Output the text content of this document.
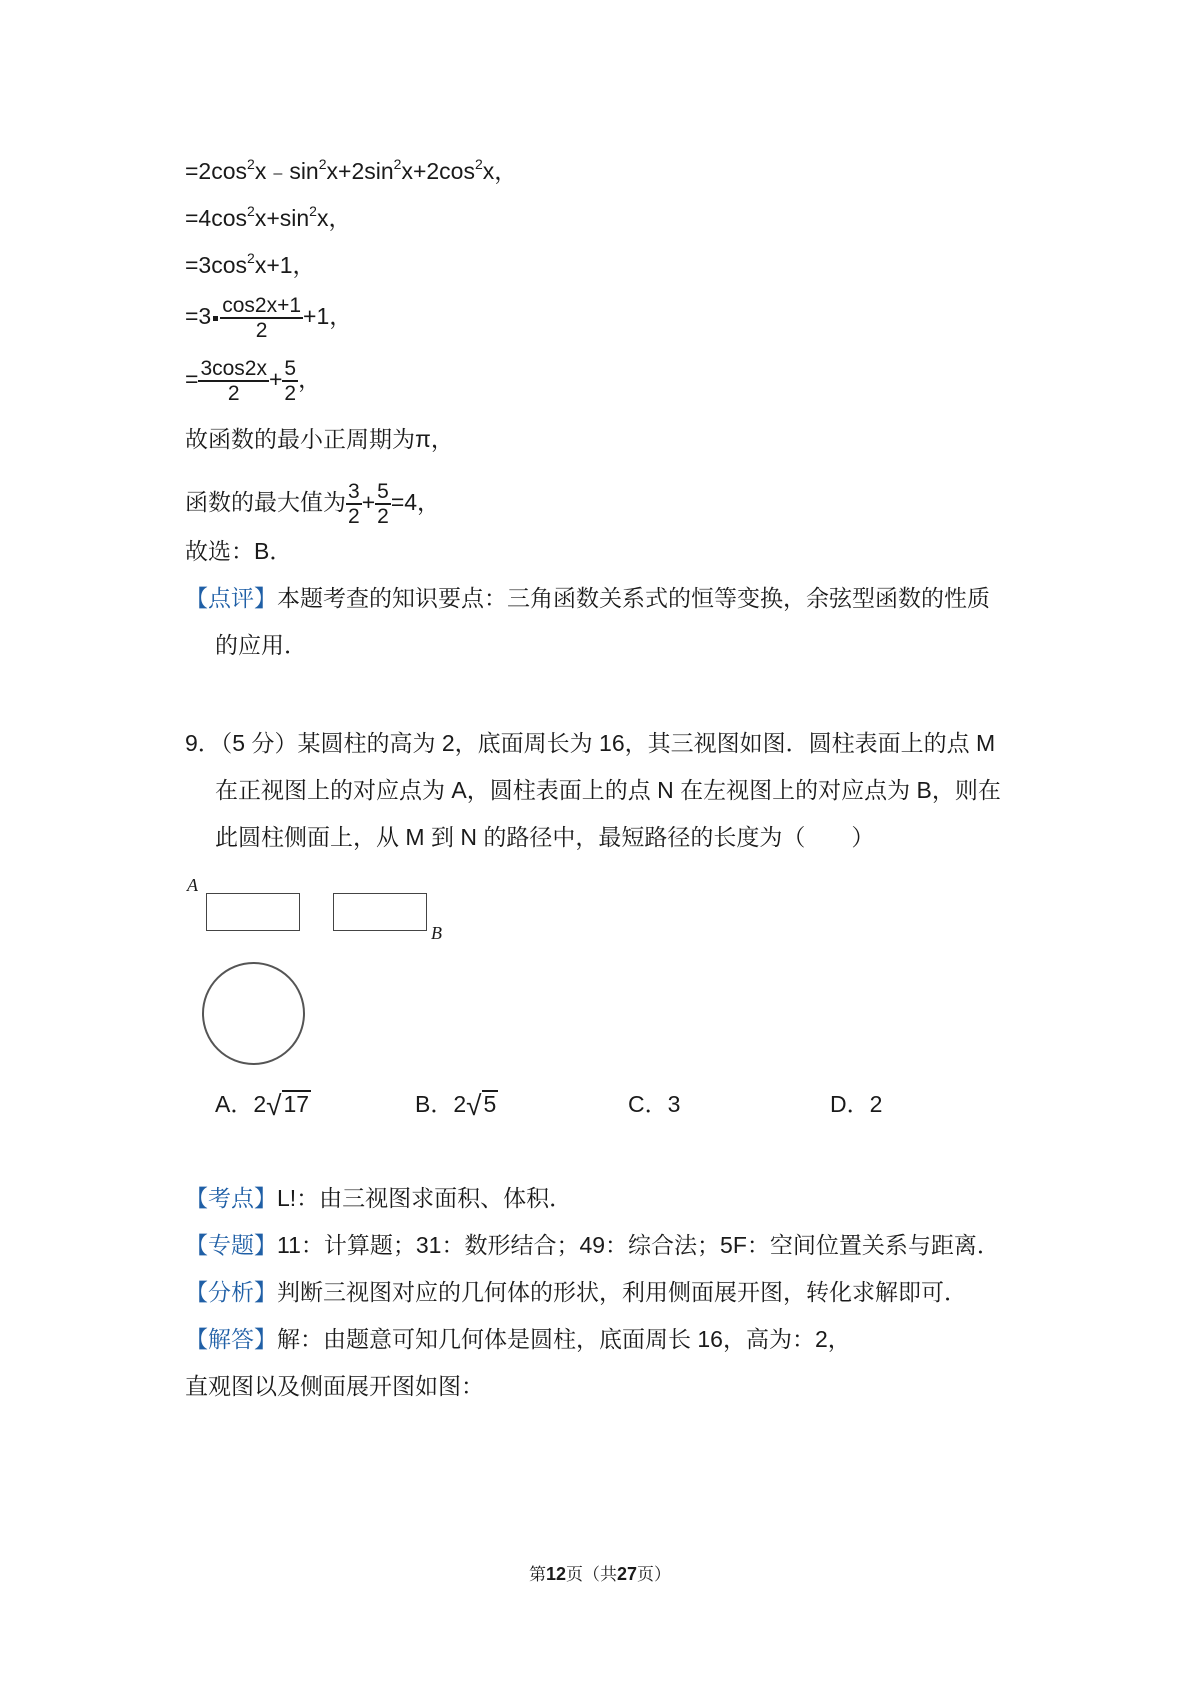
$=2\cos^2x﹣\sin^2x+2\sin^2x+2\cos^2x$，
$=4\cos^2x+\sin^2x$，
$=3\cos^2x+1$，
$=3 \frac{\cos 2x+1}{2} +1$，
= $\frac{3\cos 2x}{2} + \frac{5}{2}$ ，
故函数的最小正周期为π，
函数的最大值为 $\frac{3}{2} + \frac{5}{2} =4$，
故选：B．
【点评】本题考查的知识要点：三角函数关系式的恒等变换，余弦型函数的性质
的应用．
9．（5 分）某圆柱的高为 2，底面周长为 16，其三视图如图．圆柱表面上的点 M
在正视图上的对应点为 A，圆柱表面上的点 N 在左视图上的对应点为 B，则在
此圆柱侧面上，从 M 到 N 的路径中，最短路径的长度为（　　）
A
B
A．2√17	B．2√5	C．3	D．2
【考点】L!：由三视图求面积、体积．
【专题】11：计算题；31：数形结合；49：综合法；5F：空间位置关系与距离．
【分析】判断三视图对应的几何体的形状，利用侧面展开图，转化求解即可．
【解答】解：由题意可知几何体是圆柱，底面周长 16，高为：2，
直观图以及侧面展开图如图：
第12页（共27页）
